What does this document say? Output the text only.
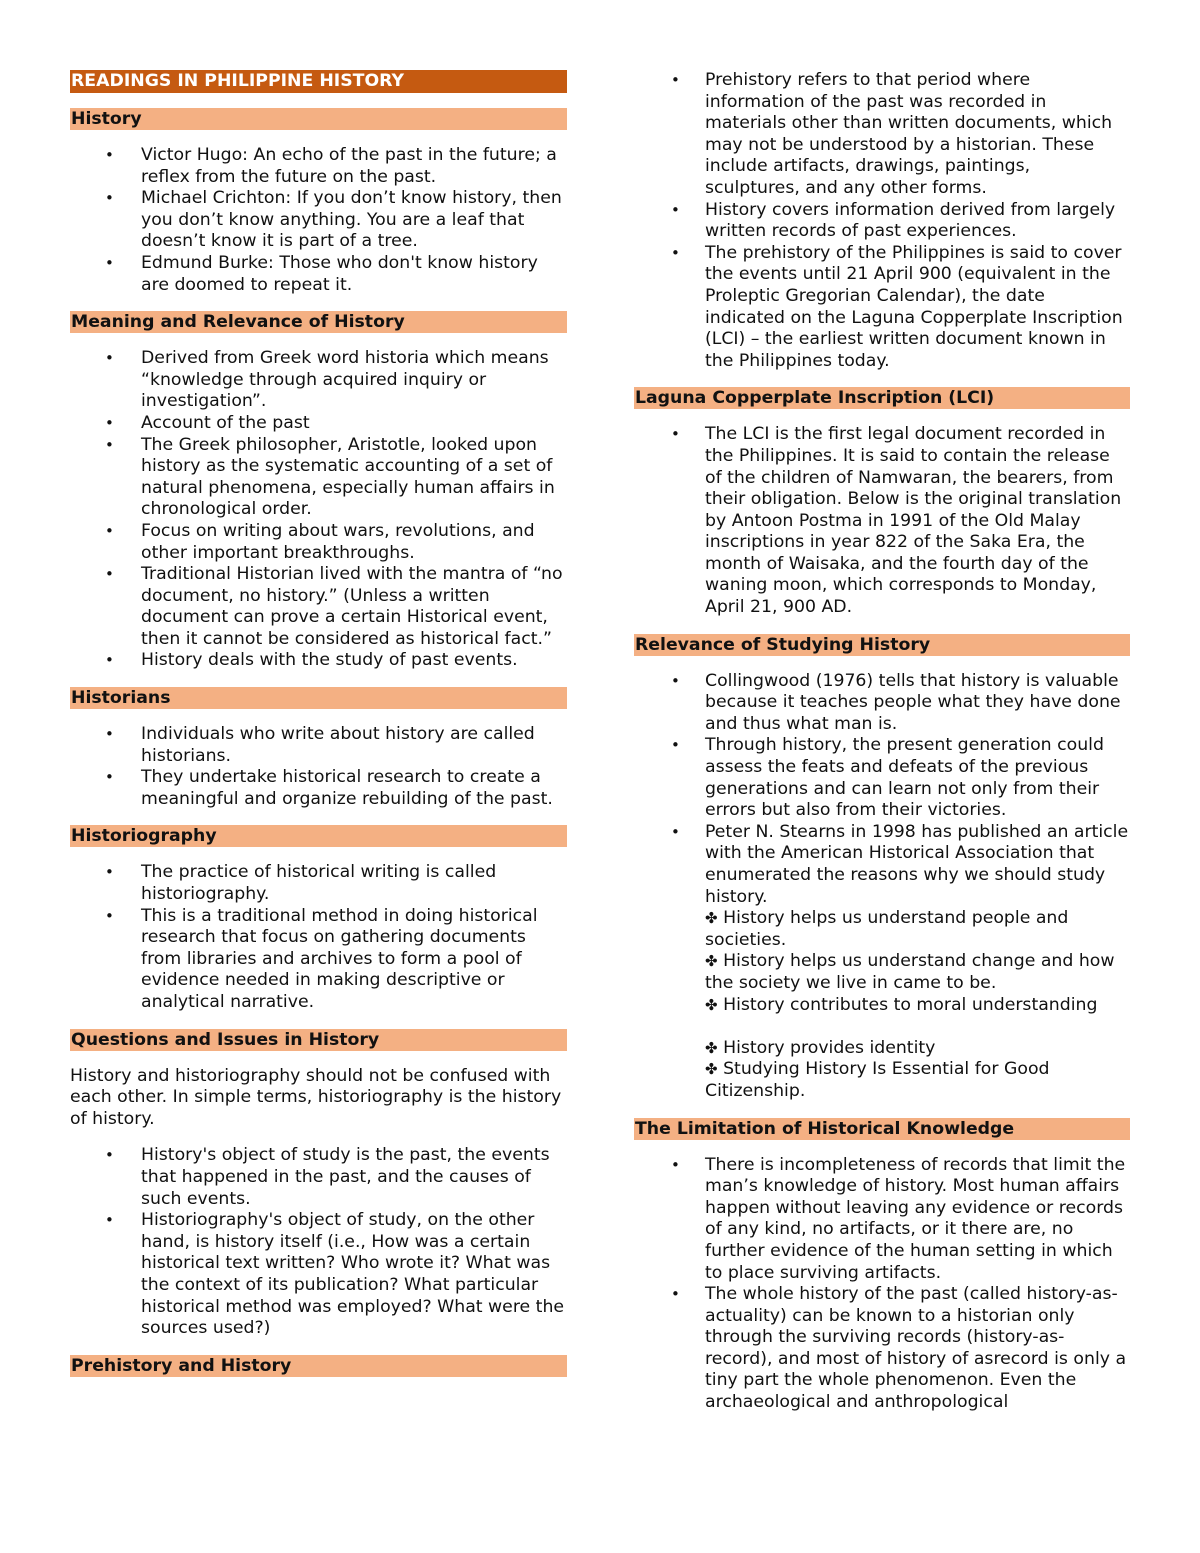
READINGS IN PHILIPPINE HISTORY
History
• Victor Hugo: An echo of the past in the future; a reflex from the future on the past.
• Michael Crichton: If you don’t know history, then you don’t know anything. You are a leaf that doesn’t know it is part of a tree.
• Edmund Burke: Those who don't know history are doomed to repeat it.
Meaning and Relevance of History
• Derived from Greek word historia which means “knowledge through acquired inquiry or investigation”.
• Account of the past
• The Greek philosopher, Aristotle, looked upon history as the systematic accounting of a set of natural phenomena, especially human affairs in chronological order.
• Focus on writing about wars, revolutions, and other important breakthroughs.
• Traditional Historian lived with the mantra of “no document, no history.” (Unless a written document can prove a certain Historical event, then it cannot be considered as historical fact.”
• History deals with the study of past events.
Historians
• Individuals who write about history are called historians.
• They undertake historical research to create a meaningful and organize rebuilding of the past.
Historiography
• The practice of historical writing is called historiography.
• This is a traditional method in doing historical research that focus on gathering documents from libraries and archives to form a pool of evidence needed in making descriptive or analytical narrative.
Questions and Issues in History

History and historiography should not be confused with each other. In simple terms, historiography is the history of history.

• History's object of study is the past, the events that happened in the past, and the causes of such events.
• Historiography's object of study, on the other hand, is history itself (i.e., How was a certain historical text written? Who wrote it? What was the context of its publication? What particular historical method was employed? What were the sources used?)
Prehistory and History
• Prehistory refers to that period where information of the past was recorded in materials other than written documents, which may not be understood by a historian. These include artifacts, drawings, paintings, sculptures, and any other forms.
• History covers information derived from largely written records of past experiences.
• The prehistory of the Philippines is said to cover the events until 21 April 900 (equivalent in the Proleptic Gregorian Calendar), the date indicated on the Laguna Copperplate Inscription (LCI) – the earliest written document known in the Philippines today.
Laguna Copperplate Inscription (LCI)
• The LCI is the first legal document recorded in the Philippines. It is said to contain the release of the children of Namwaran, the bearers, from their obligation. Below is the original translation by Antoon Postma in 1991 of the Old Malay inscriptions in year 822 of the Saka Era, the month of Waisaka, and the fourth day of the waning moon, which corresponds to Monday, April 21, 900 AD.
Relevance of Studying History
• Collingwood (1976) tells that history is valuable because it teaches people what they have done and thus what man is.
• Through history, the present generation could assess the feats and defeats of the previous generations and can learn not only from their errors but also from their victories.
• Peter N. Stearns in 1998 has published an article with the American Historical Association that enumerated the reasons why we should study history.
✤ History helps us understand people and societies.
✤ History helps us understand change and how the society we live in came to be.
✤ History contributes to moral understanding
✤ History provides identity
✤ Studying History Is Essential for Good Citizenship.
The Limitation of Historical Knowledge
• There is incompleteness of records that limit the man’s knowledge of history. Most human affairs happen without leaving any evidence or records of any kind, no artifacts, or it there are, no further evidence of the human setting in which to place surviving artifacts.
• The whole history of the past (called history-as-actuality) can be known to a historian only through the surviving records (history-as-record), and most of history of asrecord is only a tiny part the whole phenomenon. Even the archaeological and anthropological
